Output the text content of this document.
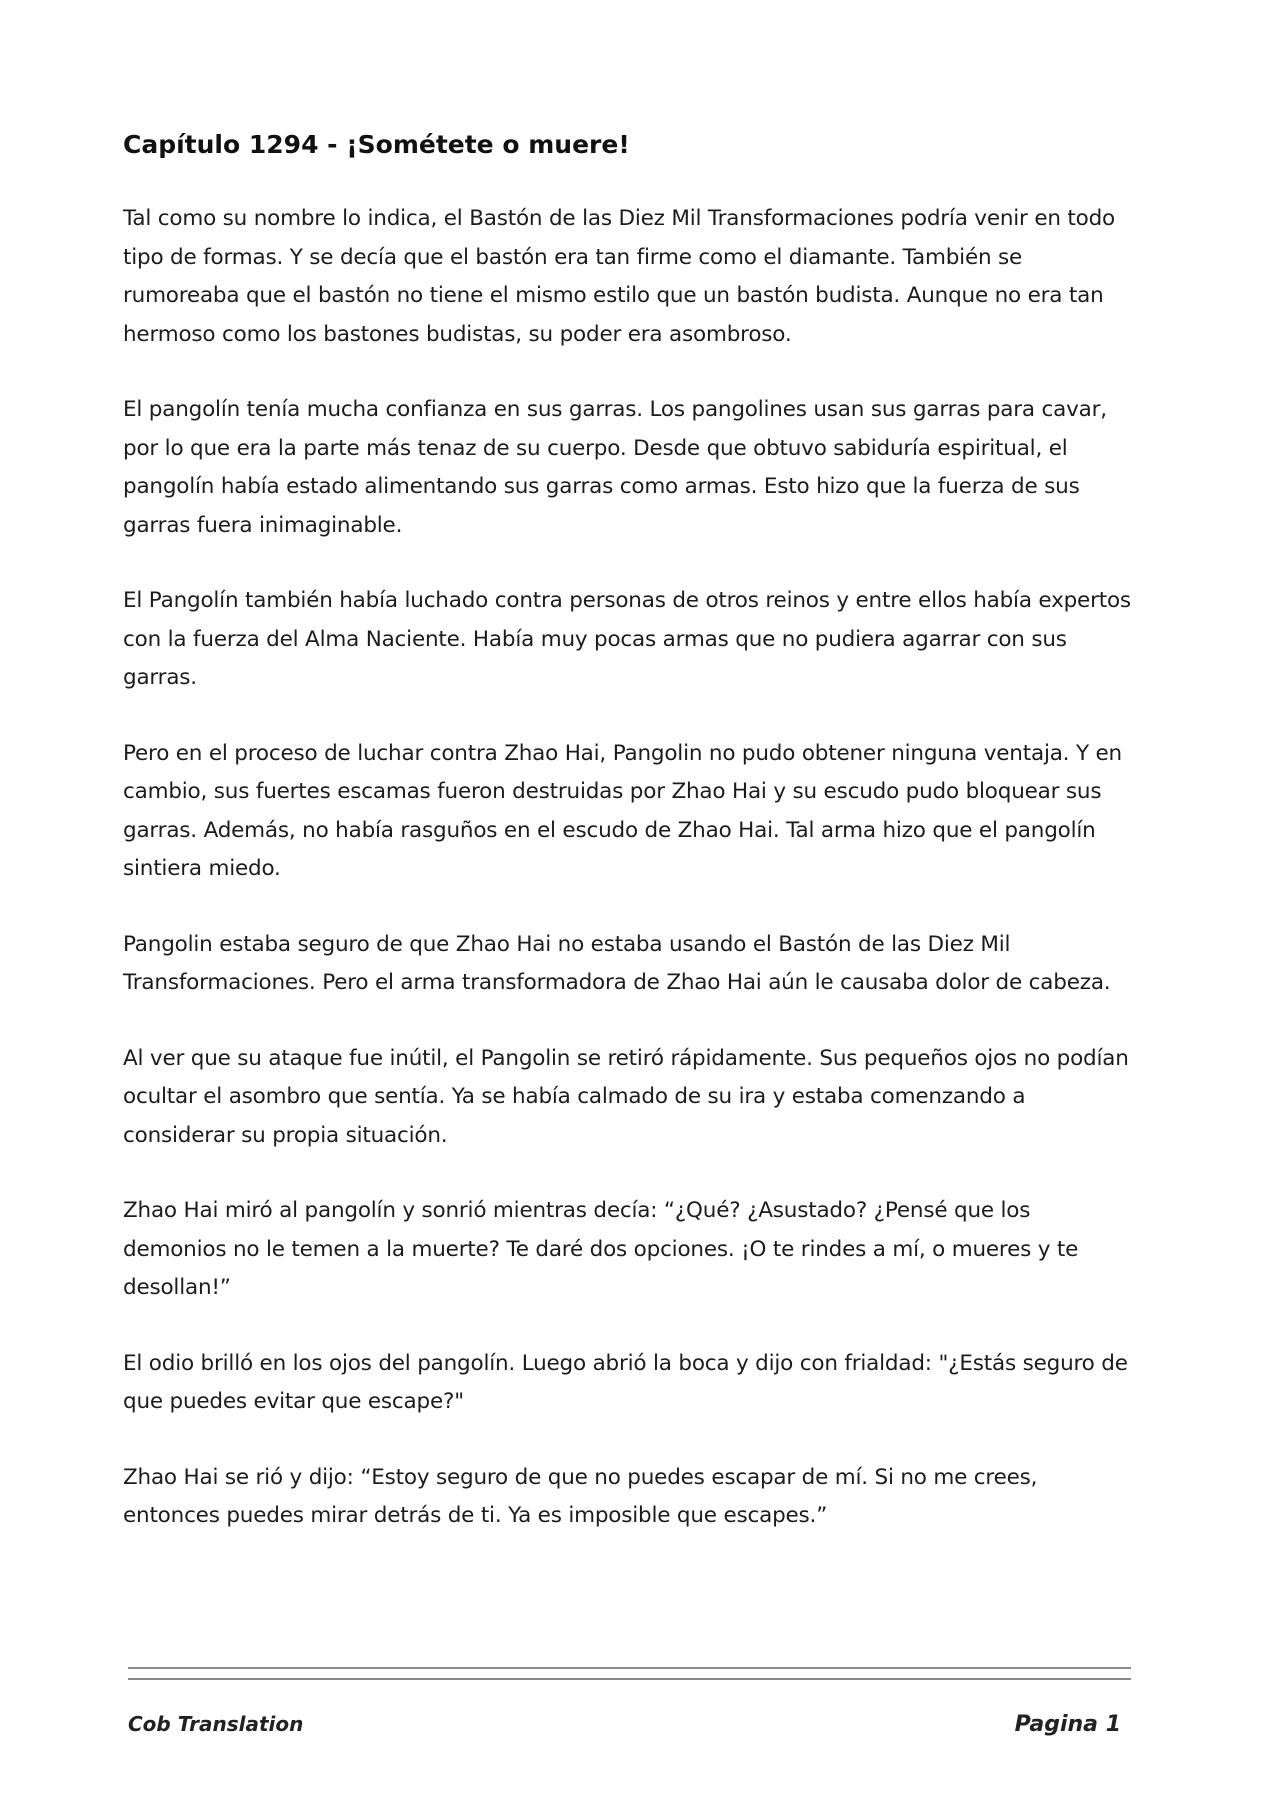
Capítulo 1294 - ¡Sométete o muere!

Tal como su nombre lo indica, el Bastón de las Diez Mil Transformaciones podría venir en todo tipo de formas. Y se decía que el bastón era tan firme como el diamante. También se rumoreaba que el bastón no tiene el mismo estilo que un bastón budista. Aunque no era tan hermoso como los bastones budistas, su poder era asombroso.

El pangolín tenía mucha confianza en sus garras. Los pangolines usan sus garras para cavar, por lo que era la parte más tenaz de su cuerpo. Desde que obtuvo sabiduría espiritual, el pangolín había estado alimentando sus garras como armas. Esto hizo que la fuerza de sus garras fuera inimaginable.

El Pangolín también había luchado contra personas de otros reinos y entre ellos había expertos con la fuerza del Alma Naciente. Había muy pocas armas que no pudiera agarrar con sus garras.

Pero en el proceso de luchar contra Zhao Hai, Pangolin no pudo obtener ninguna ventaja. Y en cambio, sus fuertes escamas fueron destruidas por Zhao Hai y su escudo pudo bloquear sus garras. Además, no había rasguños en el escudo de Zhao Hai. Tal arma hizo que el pangolín sintiera miedo.

Pangolin estaba seguro de que Zhao Hai no estaba usando el Bastón de las Diez Mil Transformaciones. Pero el arma transformadora de Zhao Hai aún le causaba dolor de cabeza.

Al ver que su ataque fue inútil, el Pangolin se retiró rápidamente. Sus pequeños ojos no podían ocultar el asombro que sentía. Ya se había calmado de su ira y estaba comenzando a considerar su propia situación.

Zhao Hai miró al pangolín y sonrió mientras decía: “¿Qué? ¿Asustado? ¿Pensé que los demonios no le temen a la muerte? Te daré dos opciones. ¡O te rindes a mí, o mueres y te desollan!”

El odio brilló en los ojos del pangolín. Luego abrió la boca y dijo con frialdad: "¿Estás seguro de que puedes evitar que escape?"

Zhao Hai se rió y dijo: “Estoy seguro de que no puedes escapar de mí. Si no me crees, entonces puedes mirar detrás de ti. Ya es imposible que escapes.”

Cob Translation	Pagina 1
